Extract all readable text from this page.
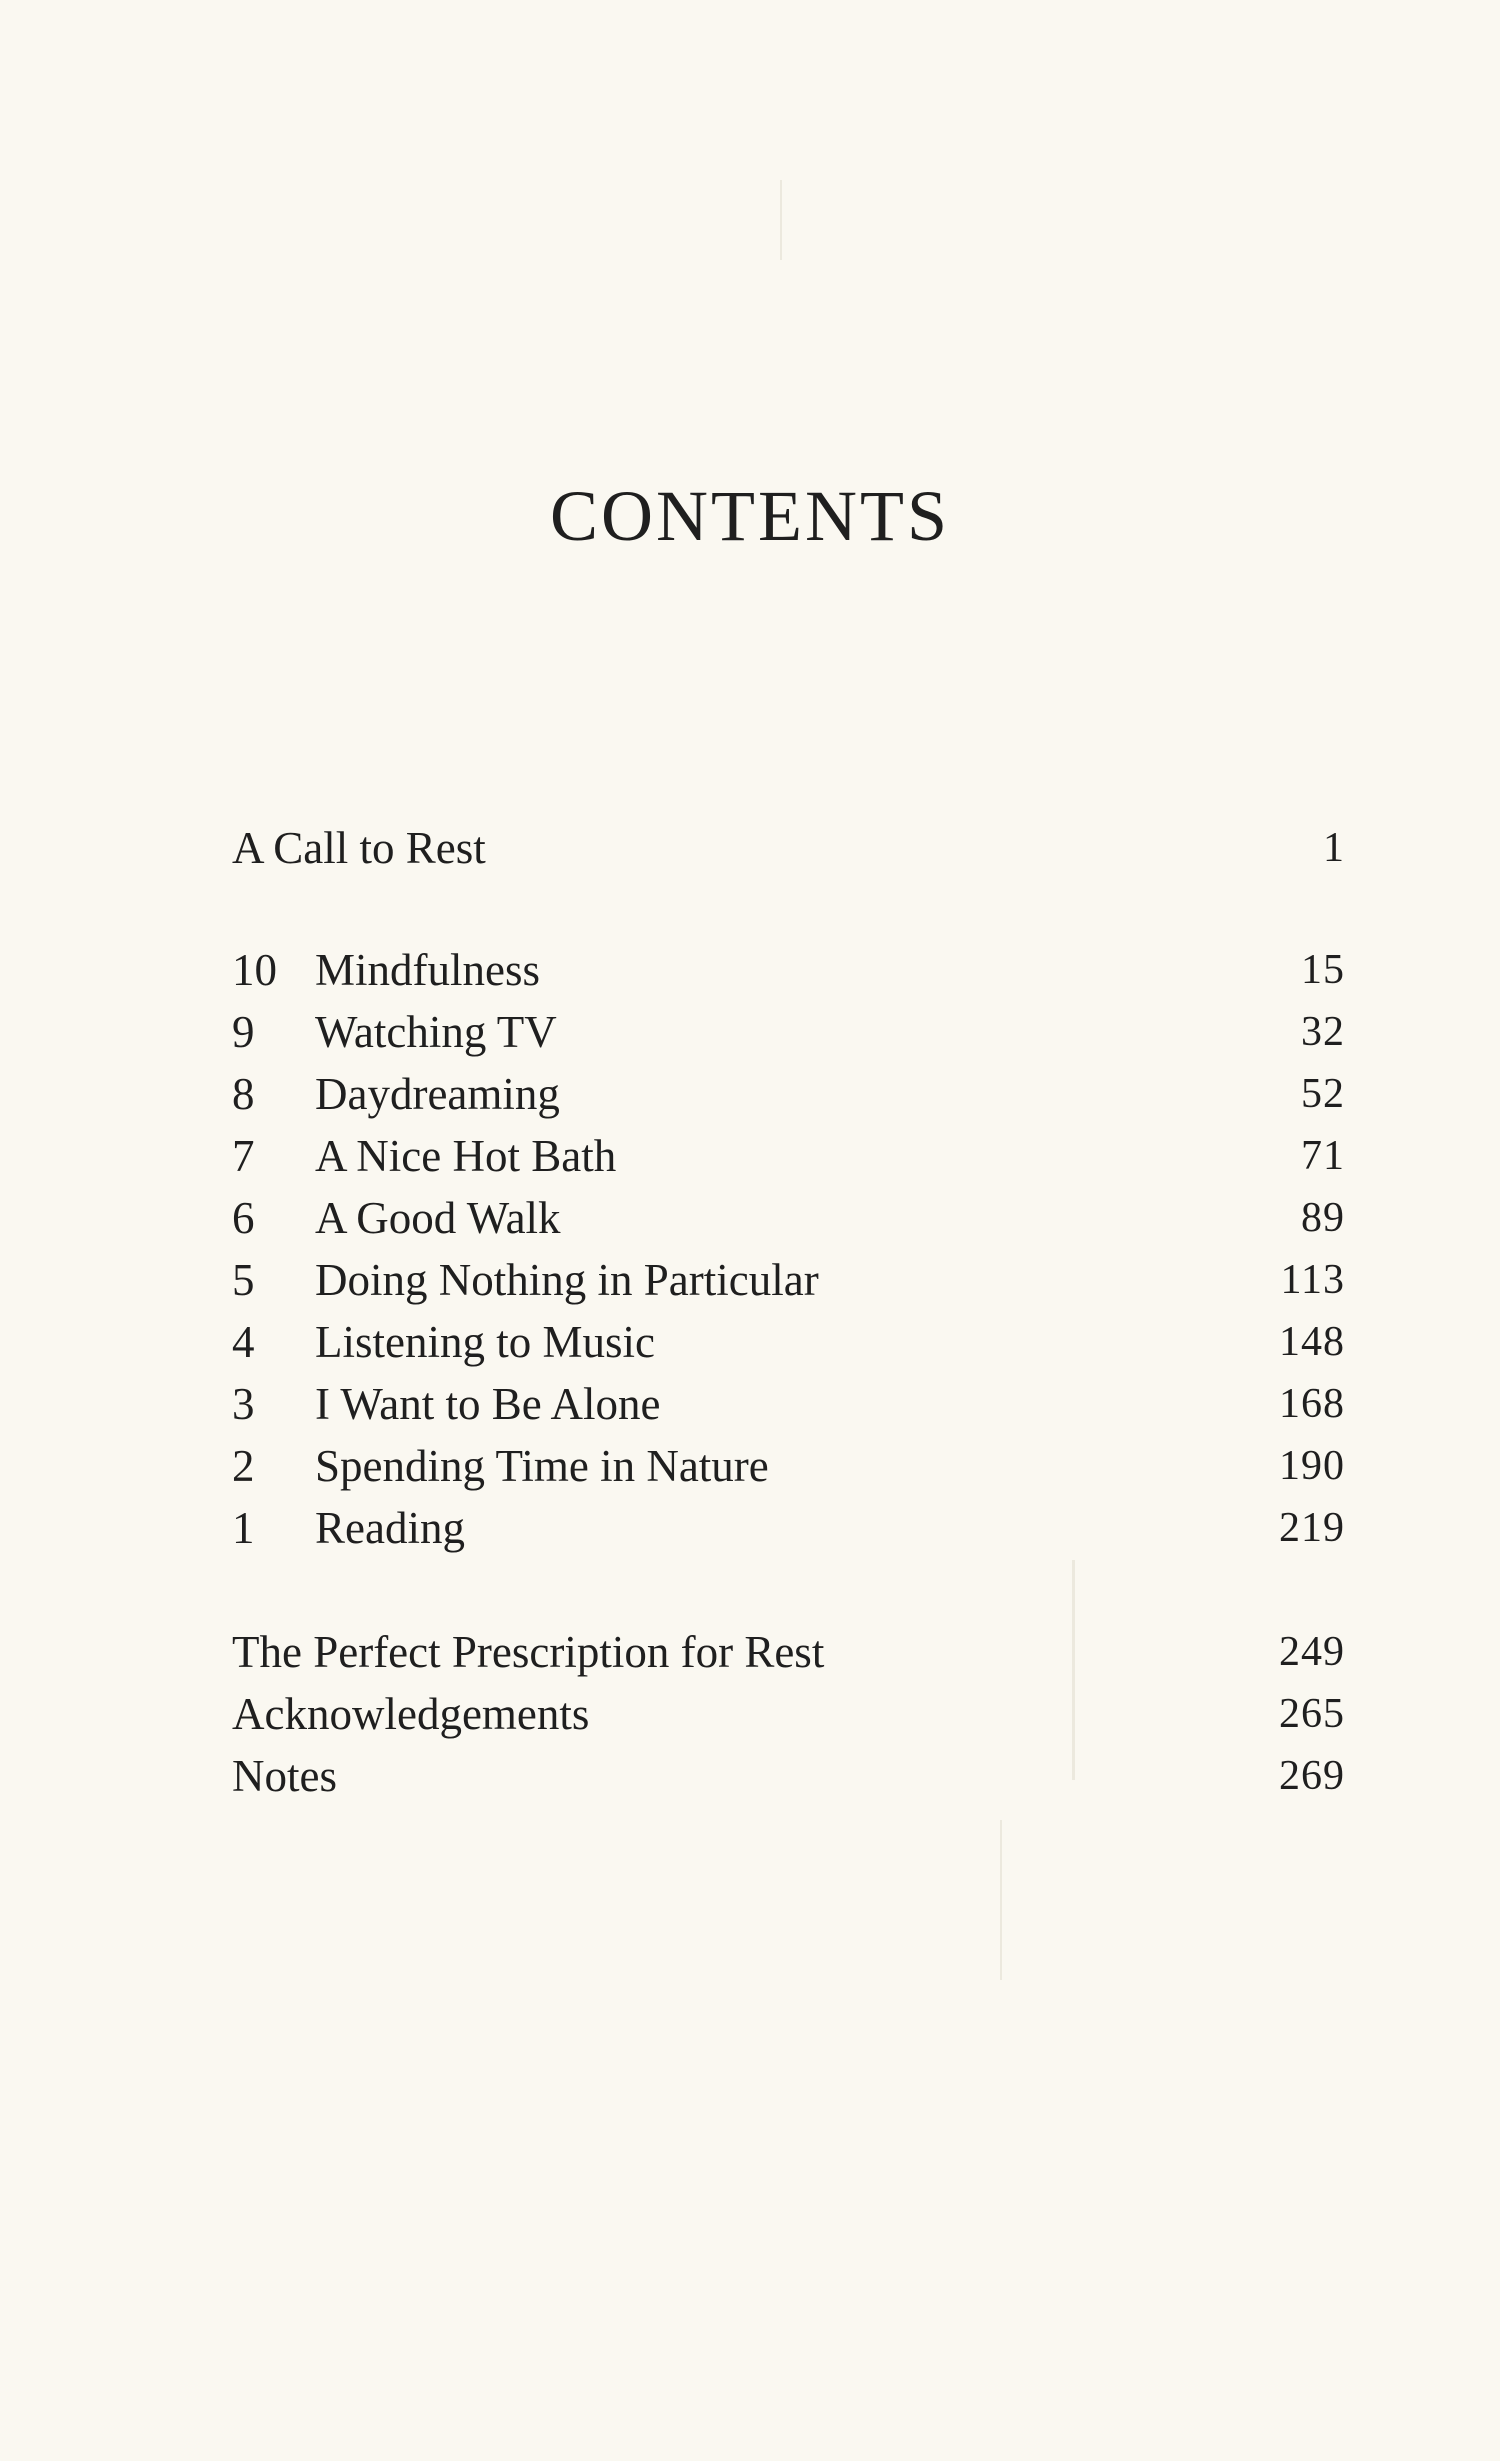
CONTENTS
A Call to Rest	1
10 Mindfulness	15
9	Watching TV	32
8	Daydreaming	52
7	A Nice Hot Bath	71
6	A Good Walk	89
5	Doing Nothing in Particular	113
4	Listening to Music	148
3	I Want to Be Alone	168
2	Spending Time in Nature	190
1	Reading	219
The Perfect Prescription for Rest	249
Acknowledgements	265
Notes	269
